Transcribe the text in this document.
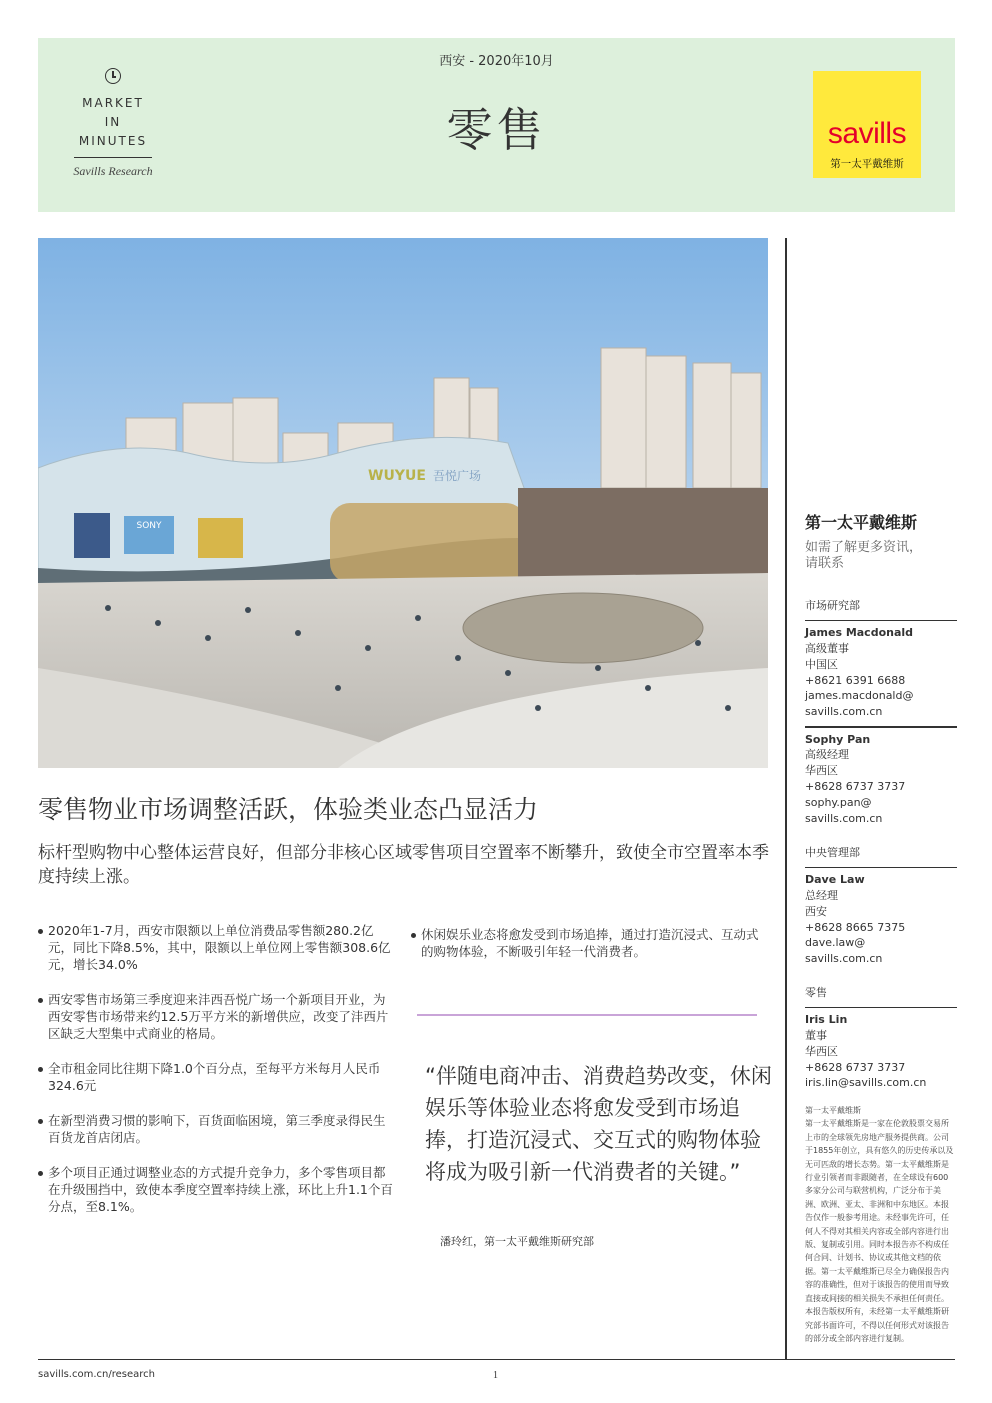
MARKET
IN
MINUTES
Savills Research
西安 - 2020年10月
零售	savills
第一太平戴维斯
SONY
WUYUE 吾悦广场
第一太平戴维斯
如需了解更多资讯，
请联系
市场研究部
James Macdonald
高级董事
中国区
+8621 6391 6688
james.macdonald@
savills.com.cn
Sophy Pan
高级经理
华西区
+8628 6737 3737
sophy.pan@
savills.com.cn
中央管理部
Dave Law
总经理
西安
+8628 8665 7375
dave.law@
savills.com.cn
零售
Iris Lin
董事
华西区
+8628 6737 3737
iris.lin@savills.com.cn
第一太平戴维斯
第一太平戴维斯是一家在伦敦股票交易所上市的全球领先房地产服务提供商。公司于1855年创立，具有悠久的历史传承以及无可匹敌的增长态势。第一太平戴维斯是行业引领者而非跟随者，在全球设有600多家分公司与联营机构，广泛分布于美洲、欧洲、亚太、非洲和中东地区。本报告仅作一般参考用途。未经事先许可，任何人不得对其相关内容或全部内容进行出版、复制或引用。同时本报告亦不构成任何合同、计划书、协议或其他文档的依据。第一太平戴维斯已尽全力确保报告内容的准确性，但对于该报告的使用而导致直接或间接的相关损失不承担任何责任。本报告版权所有，未经第一太平戴维斯研究部书面许可，不得以任何形式对该报告的部分或全部内容进行复制。
零售物业市场调整活跃，体验类业态凸显活力
标杆型购物中心整体运营良好，但部分非核心区域零售项目空置率不断攀升，致使全市空置率本季度持续上涨。
2020年1-7月，西安市限额以上单位消费品零售额280.2亿元，同比下降8.5%，其中，限额以上单位网上零售额308.6亿元，增长34.0%
西安零售市场第三季度迎来沣西吾悦广场一个新项目开业，为西安零售市场带来约12.5万平方米的新增供应，改变了沣西片区缺乏大型集中式商业的格局。
全市租金同比往期下降1.0个百分点，至每平方米每月人民币324.6元
在新型消费习惯的影响下，百货面临困境，第三季度录得民生百货龙首店闭店。
多个项目正通过调整业态的方式提升竞争力，多个零售项目都在升级围挡中，致使本季度空置率持续上涨，环比上升1.1个百分点，至8.1%。
休闲娱乐业态将愈发受到市场追捧，通过打造沉浸式、互动式的购物体验，不断吸引年轻一代消费者。
“伴随电商冲击、消费趋势改变，休闲娱乐等体验业态将愈发受到市场追捧，打造沉浸式、交互式的购物体验将成为吸引新一代消费者的关键。”
潘玲红，第一太平戴维斯研究部
savills.com.cn/research	1
